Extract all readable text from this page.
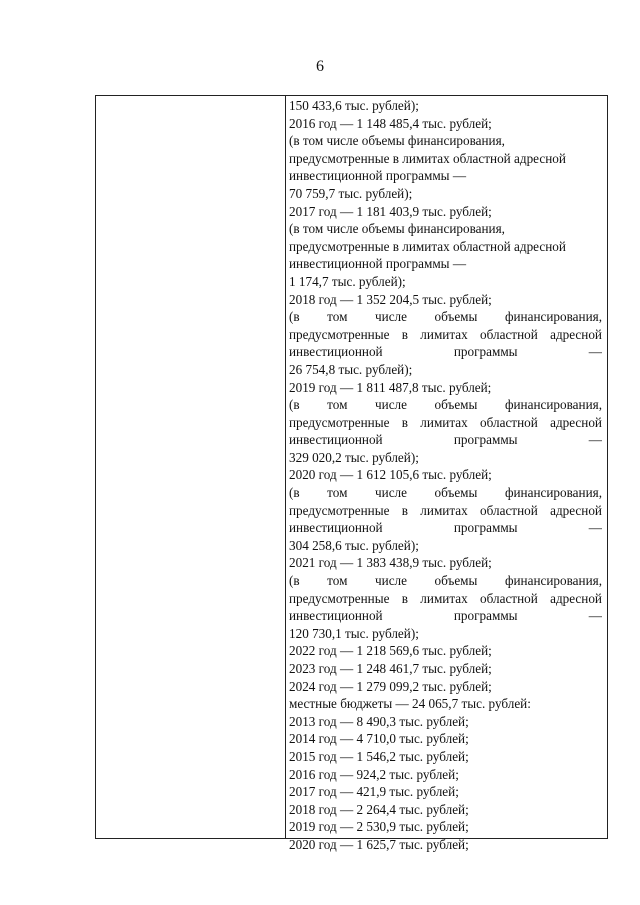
6
150 433,6 тыс. рублей);
2016 год — 1 148 485,4 тыс. рублей;
(в том числе объемы финансирования,
предусмотренные в лимитах областной адресной
инвестиционной программы —
70 759,7 тыс. рублей);
2017 год — 1 181 403,9 тыс. рублей;
(в том числе объемы финансирования,
предусмотренные в лимитах областной адресной
инвестиционной программы —
1 174,7 тыс. рублей);
2018 год — 1 352 204,5 тыс. рублей;
(в том числе объемы финансирования,
предусмотренные в лимитах областной адресной
инвестиционной программы —
26 754,8 тыс. рублей);
2019 год — 1 811 487,8 тыс. рублей;
(в том числе объемы финансирования,
предусмотренные в лимитах областной адресной
инвестиционной программы —
329 020,2 тыс. рублей);
2020 год — 1 612 105,6 тыс. рублей;
(в том числе объемы финансирования,
предусмотренные в лимитах областной адресной
инвестиционной программы —
304 258,6 тыс. рублей);
2021 год — 1 383 438,9 тыс. рублей;
(в том числе объемы финансирования,
предусмотренные в лимитах областной адресной
инвестиционной программы —
120 730,1 тыс. рублей);
2022 год — 1 218 569,6 тыс. рублей;
2023 год — 1 248 461,7 тыс. рублей;
2024 год — 1 279 099,2 тыс. рублей;
местные бюджеты — 24 065,7 тыс. рублей:
2013 год — 8 490,3 тыс. рублей;
2014 год — 4 710,0 тыс. рублей;
2015 год — 1 546,2 тыс. рублей;
2016 год — 924,2 тыс. рублей;
2017 год — 421,9 тыс. рублей;
2018 год — 2 264,4 тыс. рублей;
2019 год — 2 530,9 тыс. рублей;
2020 год — 1 625,7 тыс. рублей;
